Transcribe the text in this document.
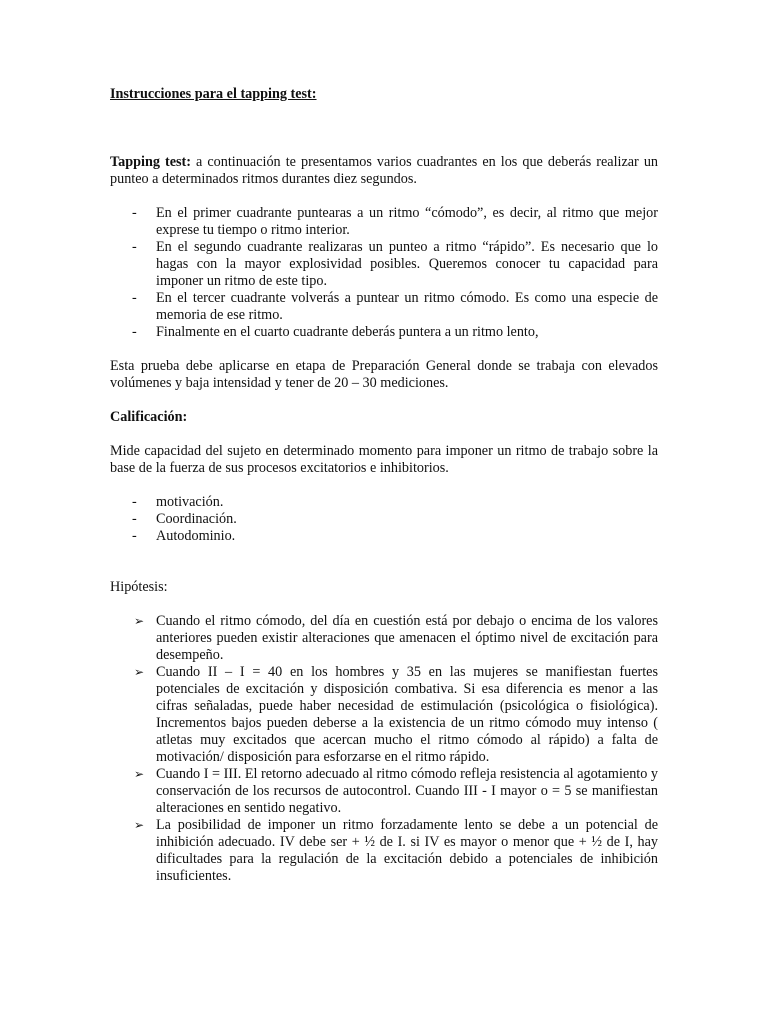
Instrucciones para el tapping test:

Tapping test: a continuación te presentamos varios cuadrantes en los que deberás realizar un punteo a determinados ritmos durantes diez segundos.

- En el primer cuadrante puntearas a un ritmo “cómodo”, es decir, al ritmo que mejor exprese tu tiempo o ritmo interior.
- En el segundo cuadrante realizaras un punteo a ritmo “rápido”. Es necesario que lo hagas con la mayor explosividad posibles. Queremos conocer tu capacidad para imponer un ritmo de este tipo.
- En el tercer cuadrante volverás a puntear un ritmo cómodo. Es como una especie de memoria de ese ritmo.
- Finalmente en el cuarto cuadrante deberás puntera a un ritmo lento,

Esta prueba debe aplicarse en etapa de Preparación General donde se trabaja con elevados volúmenes y baja intensidad y tener de 20 – 30 mediciones.

Calificación:

Mide capacidad del sujeto en determinado momento para imponer un ritmo de trabajo sobre la base de la fuerza de sus procesos excitatorios e inhibitorios.

- motivación.
- Coordinación.
- Autodominio.

Hipótesis:

➢ Cuando el ritmo cómodo, del día en cuestión está por debajo o encima de los valores anteriores pueden existir alteraciones que amenacen el óptimo nivel de excitación para desempeño.
➢ Cuando II – I = 40 en los hombres y 35 en las mujeres se manifiestan fuertes potenciales de excitación y disposición combativa. Si esa diferencia es menor a las cifras señaladas, puede haber necesidad de estimulación (psicológica o fisiológica). Incrementos bajos pueden deberse a la existencia de un ritmo cómodo muy intenso ( atletas muy excitados que acercan mucho el ritmo cómodo al rápido) a falta de motivación/ disposición para esforzarse en el ritmo rápido.
➢ Cuando I = III. El retorno adecuado al ritmo cómodo refleja resistencia al agotamiento y conservación de los recursos de autocontrol. Cuando III - I mayor o = 5 se manifiestan alteraciones en sentido negativo.
➢ La posibilidad de imponer un ritmo forzadamente lento se debe a un potencial de inhibición adecuado. IV debe ser + ½ de I. si IV es mayor o menor que + ½ de I, hay dificultades para la regulación de la excitación debido a potenciales de inhibición insuficientes.
